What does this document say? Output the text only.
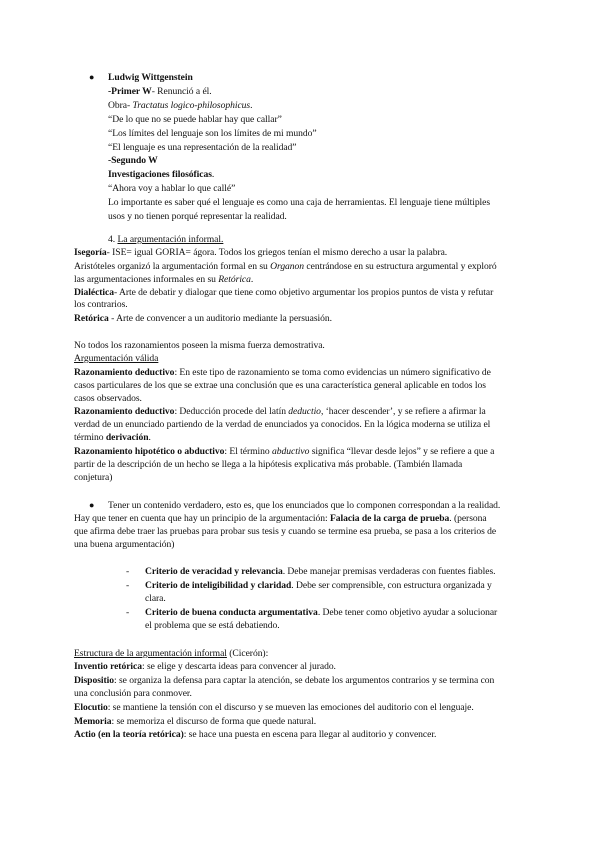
● Ludwig Wittgenstein
-Primer W- Renunció a él.
Obra- Tractatus logico-philosophicus.
“De lo que no se puede hablar hay que callar”
“Los límites del lenguaje son los límites de mi mundo”
“El lenguaje es una representación de la realidad”
-Segundo W
Investigaciones filosóficas.
“Ahora voy a hablar lo que callé”
Lo importante es saber qué el lenguaje es como una caja de herramientas. El lenguaje tiene múltiples
usos y no tienen porqué representar la realidad.
4. La argumentación informal.
Isegoría- ISE= igual GORIA= ágora. Todos los griegos tenían el mismo derecho a usar la palabra.
Aristóteles organizó la argumentación formal en su Organon centrándose en su estructura argumental y exploró
las argumentaciones informales en su Retórica.
Dialéctica- Arte de debatir y dialogar que tiene como objetivo argumentar los propios puntos de vista y refutar
los contrarios.
Retórica - Arte de convencer a un auditorio mediante la persuasión.
No todos los razonamientos poseen la misma fuerza demostrativa.
Argumentación válida
Razonamiento deductivo: En este tipo de razonamiento se toma como evidencias un número significativo de
casos particulares de los que se extrae una conclusión que es una característica general aplicable en todos los
casos observados.
Razonamiento deductivo: Deducción procede del latín deductio, ‘hacer descender’, y se refiere a afirmar la
verdad de un enunciado partiendo de la verdad de enunciados ya conocidos. En la lógica moderna se utiliza el
término derivación.
Razonamiento hipotético o abductivo: El término abductivo significa “llevar desde lejos” y se refiere a que a
partir de la descripción de un hecho se llega a la hipótesis explicativa más probable. (También llamada
conjetura)
● Tener un contenido verdadero, esto es, que los enunciados que lo componen correspondan a la realidad.
Hay que tener en cuenta que hay un principio de la argumentación: Falacia de la carga de prueba. (persona
que afirma debe traer las pruebas para probar sus tesis y cuando se termine esa prueba, se pasa a los criterios de
una buena argumentación)
- Criterio de veracidad y relevancia. Debe manejar premisas verdaderas con fuentes fiables.
- Criterio de inteligibilidad y claridad. Debe ser comprensible, con estructura organizada y
clara.
- Criterio de buena conducta argumentativa. Debe tener como objetivo ayudar a solucionar
el problema que se está debatiendo.
Estructura de la argumentación informal (Cicerón):
Inventio retórica: se elige y descarta ideas para convencer al jurado.
Dispositio: se organiza la defensa para captar la atención, se debate los argumentos contrarios y se termina con
una conclusión para conmover.
Elocutio: se mantiene la tensión con el discurso y se mueven las emociones del auditorio con el lenguaje.
Memoria: se memoriza el discurso de forma que quede natural.
Actio (en la teoría retórica): se hace una puesta en escena para llegar al auditorio y convencer.
